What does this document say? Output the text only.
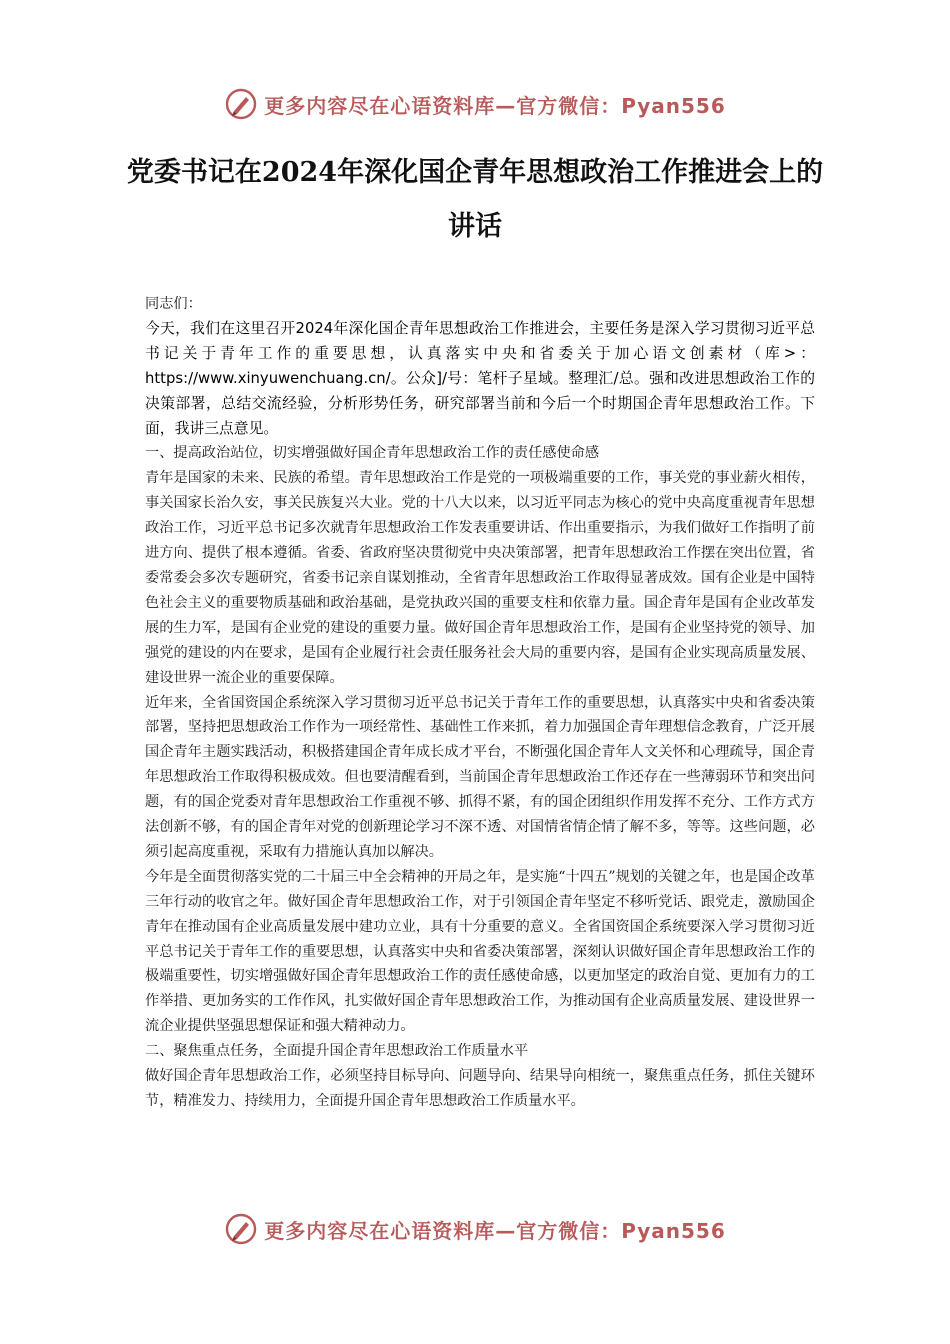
更多内容尽在心语资料库—官方微信：Pyan556
党委书记在2024年深化国企青年思想政治工作推进会上的讲话

同志们：

今天，我们在这里召开2024年深化国企青年思想政治工作推进会，主要任务是深入学习贯彻习近平总书记关于青年工作的重要思想，认真落实中央和省委关于加心语文创素材（库>：https://www.xinyuwenchuang.cn/。公众]/号：笔杆子星域。整理汇/总。强和改进思想政治工作的决策部署，总结交流经验，分析形势任务，研究部署当前和今后一个时期国企青年思想政治工作。下面，我讲三点意见。

一、提高政治站位，切实增强做好国企青年思想政治工作的责任感使命感

青年是国家的未来、民族的希望。青年思想政治工作是党的一项极端重要的工作，事关党的事业薪火相传，事关国家长治久安，事关民族复兴大业。党的十八大以来，以习近平同志为核心的党中央高度重视青年思想政治工作，习近平总书记多次就青年思想政治工作发表重要讲话、作出重要指示，为我们做好工作指明了前进方向、提供了根本遵循。省委、省政府坚决贯彻党中央决策部署，把青年思想政治工作摆在突出位置，省委常委会多次专题研究，省委书记亲自谋划推动，全省青年思想政治工作取得显著成效。国有企业是中国特色社会主义的重要物质基础和政治基础，是党执政兴国的重要支柱和依靠力量。国企青年是国有企业改革发展的生力军，是国有企业党的建设的重要力量。做好国企青年思想政治工作，是国有企业坚持党的领导、加强党的建设的内在要求，是国有企业履行社会责任服务社会大局的重要内容，是国有企业实现高质量发展、建设世界一流企业的重要保障。

近年来，全省国资国企系统深入学习贯彻习近平总书记关于青年工作的重要思想，认真落实中央和省委决策部署，坚持把思想政治工作作为一项经常性、基础性工作来抓，着力加强国企青年理想信念教育，广泛开展国企青年主题实践活动，积极搭建国企青年成长成才平台，不断强化国企青年人文关怀和心理疏导，国企青年思想政治工作取得积极成效。但也要清醒看到，当前国企青年思想政治工作还存在一些薄弱环节和突出问题，有的国企党委对青年思想政治工作重视不够、抓得不紧，有的国企团组织作用发挥不充分、工作方式方法创新不够，有的国企青年对党的创新理论学习不深不透、对国情省情企情了解不多，等等。这些问题，必须引起高度重视，采取有力措施认真加以解决。

今年是全面贯彻落实党的二十届三中全会精神的开局之年，是实施“十四五”规划的关键之年，也是国企改革三年行动的收官之年。做好国企青年思想政治工作，对于引领国企青年坚定不移听党话、跟党走，激励国企青年在推动国有企业高质量发展中建功立业，具有十分重要的意义。全省国资国企系统要深入学习贯彻习近平总书记关于青年工作的重要思想，认真落实中央和省委决策部署，深刻认识做好国企青年思想政治工作的极端重要性，切实增强做好国企青年思想政治工作的责任感使命感，以更加坚定的政治自觉、更加有力的工作举措、更加务实的工作作风，扎实做好国企青年思想政治工作，为推动国有企业高质量发展、建设世界一流企业提供坚强思想保证和强大精神动力。

二、聚焦重点任务，全面提升国企青年思想政治工作质量水平

做好国企青年思想政治工作，必须坚持目标导向、问题导向、结果导向相统一，聚焦重点任务，抓住关键环节，精准发力、持续用力，全面提升国企青年思想政治工作质量水平。

更多内容尽在心语资料库—官方微信：Pyan556
